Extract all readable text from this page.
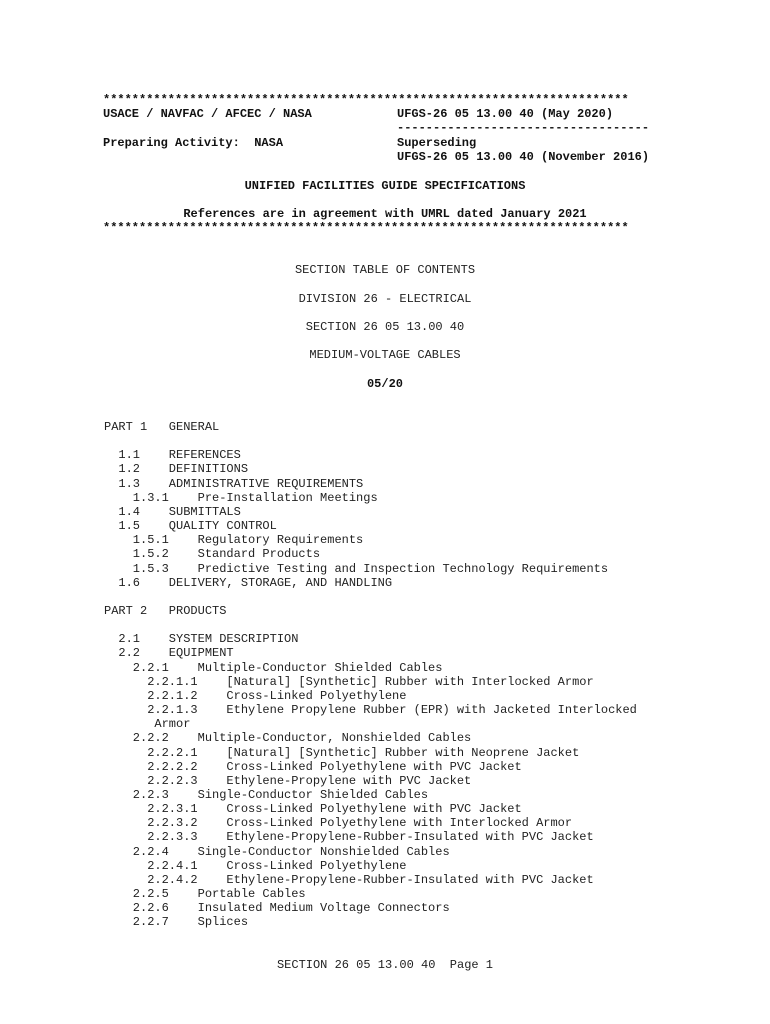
*************************************************************************
USACE / NAVFAC / AFCEC / NASA	UFGS-26 05 13.00 40 (May 2020)
-----------------------------------
Preparing Activity:  NASA	Superseding
UFGS-26 05 13.00 40 (November 2016)
UNIFIED FACILITIES GUIDE SPECIFICATIONS
References are in agreement with UMRL dated January 2021
*************************************************************************
SECTION TABLE OF CONTENTS
DIVISION 26 - ELECTRICAL
SECTION 26 05 13.00 40
MEDIUM-VOLTAGE CABLES
05/20
PART 1   GENERAL
1.1    REFERENCES
1.2    DEFINITIONS
1.3    ADMINISTRATIVE REQUIREMENTS
1.3.1    Pre-Installation Meetings
1.4    SUBMITTALS
1.5    QUALITY CONTROL
1.5.1    Regulatory Requirements
1.5.2    Standard Products
1.5.3    Predictive Testing and Inspection Technology Requirements
1.6    DELIVERY, STORAGE, AND HANDLING
PART 2   PRODUCTS
2.1    SYSTEM DESCRIPTION
2.2    EQUIPMENT
2.2.1    Multiple-Conductor Shielded Cables
2.2.1.1    [Natural] [Synthetic] Rubber with Interlocked Armor
2.2.1.2    Cross-Linked Polyethylene
2.2.1.3    Ethylene Propylene Rubber (EPR) with Jacketed Interlocked
Armor
2.2.2    Multiple-Conductor, Nonshielded Cables
2.2.2.1    [Natural] [Synthetic] Rubber with Neoprene Jacket
2.2.2.2    Cross-Linked Polyethylene with PVC Jacket
2.2.2.3    Ethylene-Propylene with PVC Jacket
2.2.3    Single-Conductor Shielded Cables
2.2.3.1    Cross-Linked Polyethylene with PVC Jacket
2.2.3.2    Cross-Linked Polyethylene with Interlocked Armor
2.2.3.3    Ethylene-Propylene-Rubber-Insulated with PVC Jacket
2.2.4    Single-Conductor Nonshielded Cables
2.2.4.1    Cross-Linked Polyethylene
2.2.4.2    Ethylene-Propylene-Rubber-Insulated with PVC Jacket
2.2.5    Portable Cables
2.2.6    Insulated Medium Voltage Connectors
2.2.7    Splices
SECTION 26 05 13.00 40  Page 1
